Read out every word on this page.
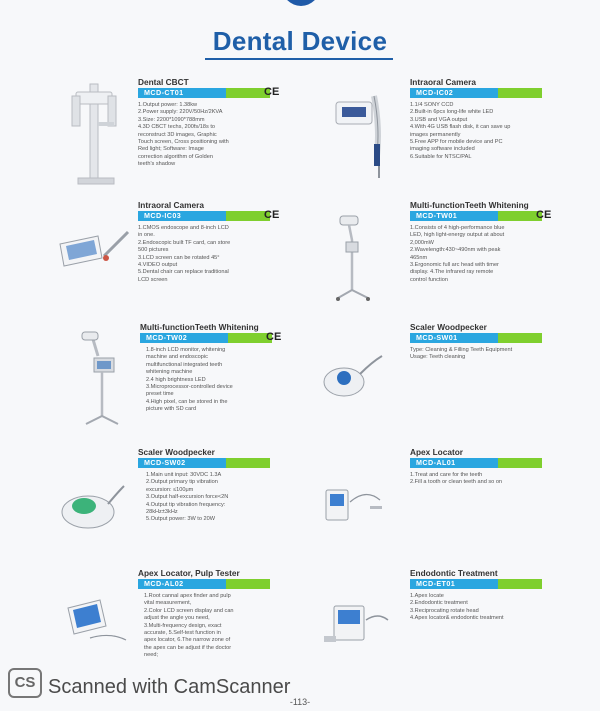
Dental Device
Dental CBCT
MCD-CT01	CE
1.Output power: 1.38kw
2.Power supply: 220V/50Hz/2KVA
3.Size: 2200*1090*788mm
4.3D CBCT techs, 200fs/18s to
reconstruct 3D images, Graphic
Touch screen, Cross positioning with
Red light; Software: Image
correction algorithm of Golden
teeth's shadow
Intraoral Camera
MCD-IC02
1.1/4 SONY CCD
2.Built-in 6pcs long-life white LED
3.USB and VGA output
4.With 4G USB flash disk, it can save up
images permanently
5.Free APP for mobile device and PC
imaging software included
6.Suitable for NTSC/PAL
Intraoral Camera
MCD-IC03	CE
1.CMOS endoscope and 8-inch LCD
in one.
2.Endoscopic built TF card, can store
500 pictures
3.LCD screen can be rotated 45°
4.VIDEO output
5.Dental chair can replace traditional
LCD screen
Multi-functionTeeth Whitening
MCD-TW01	CE
1.Consists of 4 high-performance blue
LED, high light-energy output at about
2,000mW
2.Wavelength:430~490nm with peak
465nm
3.Ergonomic full arc head with timer
display. 4.The infrared ray remote
control function
Multi-functionTeeth Whitening
MCD-TW02	CE
1.8-inch LCD monitor, whitening
machine and endoscopic
multifunctional integrated teeth
whitening machine
2.4 high brightness LED
3.Microprocessor-controlled device
preset time
4.High pixel, can be stored in the
picture with SD card
Scaler Woodpecker
MCD-SW01
Type: Cleaning & Filling Teeth Equipment
Usage: Teeth cleaning
Scaler Woodpecker
MCD-SW02
1.Main unit input: 30VDC 1.3A
2.Output primary tip vibration
excursion: ≤100μm
3.Output half-excursion force<2N
4.Output tip vibration frequency:
28kHz±3kHz
5.Output power: 3W to 20W
Apex Locator
MCD-AL01
1.Treat and care for the teeth
2.Fill a tooth or clean teeth and so on
Apex Locator, Pulp Tester
MCD-AL02
1.Root cannal apex finder and pulp
vital measurement,
2.Color LCD screen display and can
adjust the angle you need,
3.Multi-frequency design, exact
accurate, 5.Self-test function in
apex locator, 6.The narrow zone of
the apex can be adjust if the doctor
need;
Endodontic Treatment
MCD-ET01
1.Apex locate
2.Endodontic treatment
3.Reciprocating rotate head
4.Apex locator& endodontic treatment
CS Scanned with CamScanner
-113-
